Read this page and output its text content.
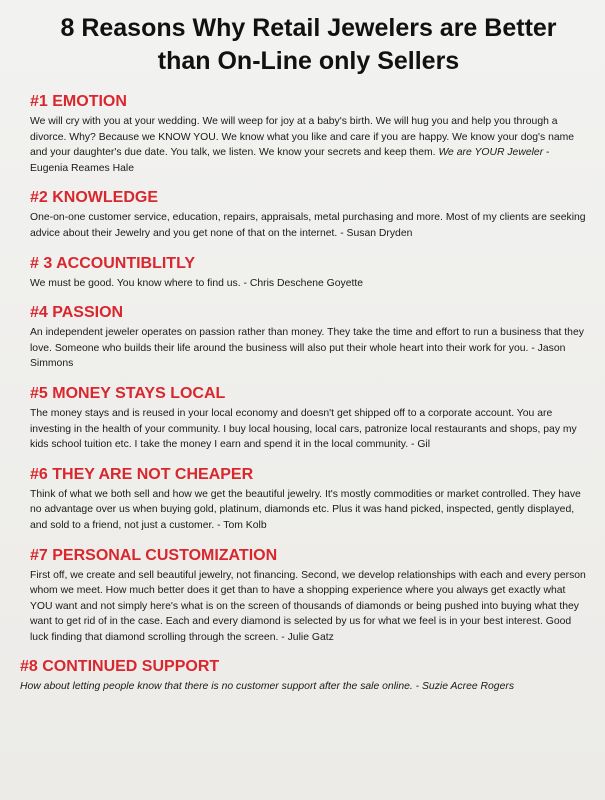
8 Reasons Why Retail Jewelers are Better
than On-Line only Sellers
#1 EMOTION

We will cry with you at your wedding. We will weep for joy at a baby's birth. We will hug you and help you through a divorce. Why? Because we KNOW YOU. We know what you like and care if you are happy. We know your dog's name and your daughter's due date. You talk, we listen. We know your secrets and keep them. We are YOUR Jeweler - Eugenia Reames Hale

#2 KNOWLEDGE

One-on-one customer service, education, repairs, appraisals, metal purchasing and more. Most of my clients are seeking advice about their Jewelry and you get none of that on the internet. - Susan Dryden

# 3 ACCOUNTIBLITLY

We must be good. You know where to find us. - Chris Deschene Goyette

#4 PASSION

An independent jeweler operates on passion rather than money. They take the time and effort to run a business that they love. Someone who builds their life around the business will also put their whole heart into their work for you. - Jason Simmons

#5 MONEY STAYS LOCAL

The money stays and is reused in your local economy and doesn't get shipped off to a corporate account. You are investing in the health of your community. I buy local housing, local cars, patronize local restaurants and shops, pay my kids school tuition etc. I take the money I earn and spend it in the local community. - Gil

#6 THEY ARE NOT CHEAPER

Think of what we both sell and how we get the beautiful jewelry. It's mostly commodities or market controlled. They have no advantage over us when buying gold, platinum, diamonds etc. Plus it was hand picked, inspected, gently displayed, and sold to a friend, not just a customer. - Tom Kolb

#7 PERSONAL CUSTOMIZATION

First off, we create and sell beautiful jewelry, not financing. Second, we develop relationships with each and every person whom we meet. How much better does it get than to have a shopping experience where you always get exactly what YOU want and not simply here's what is on the screen of thousands of diamonds or being pushed into buying what they want to get rid of in the case. Each and every diamond is selected by us for what we feel is in your best interest. Good luck finding that diamond scrolling through the screen. - Julie Gatz

#8 CONTINUED SUPPORT

How about letting people know that there is no customer support after the sale online. - Suzie Acree Rogers
